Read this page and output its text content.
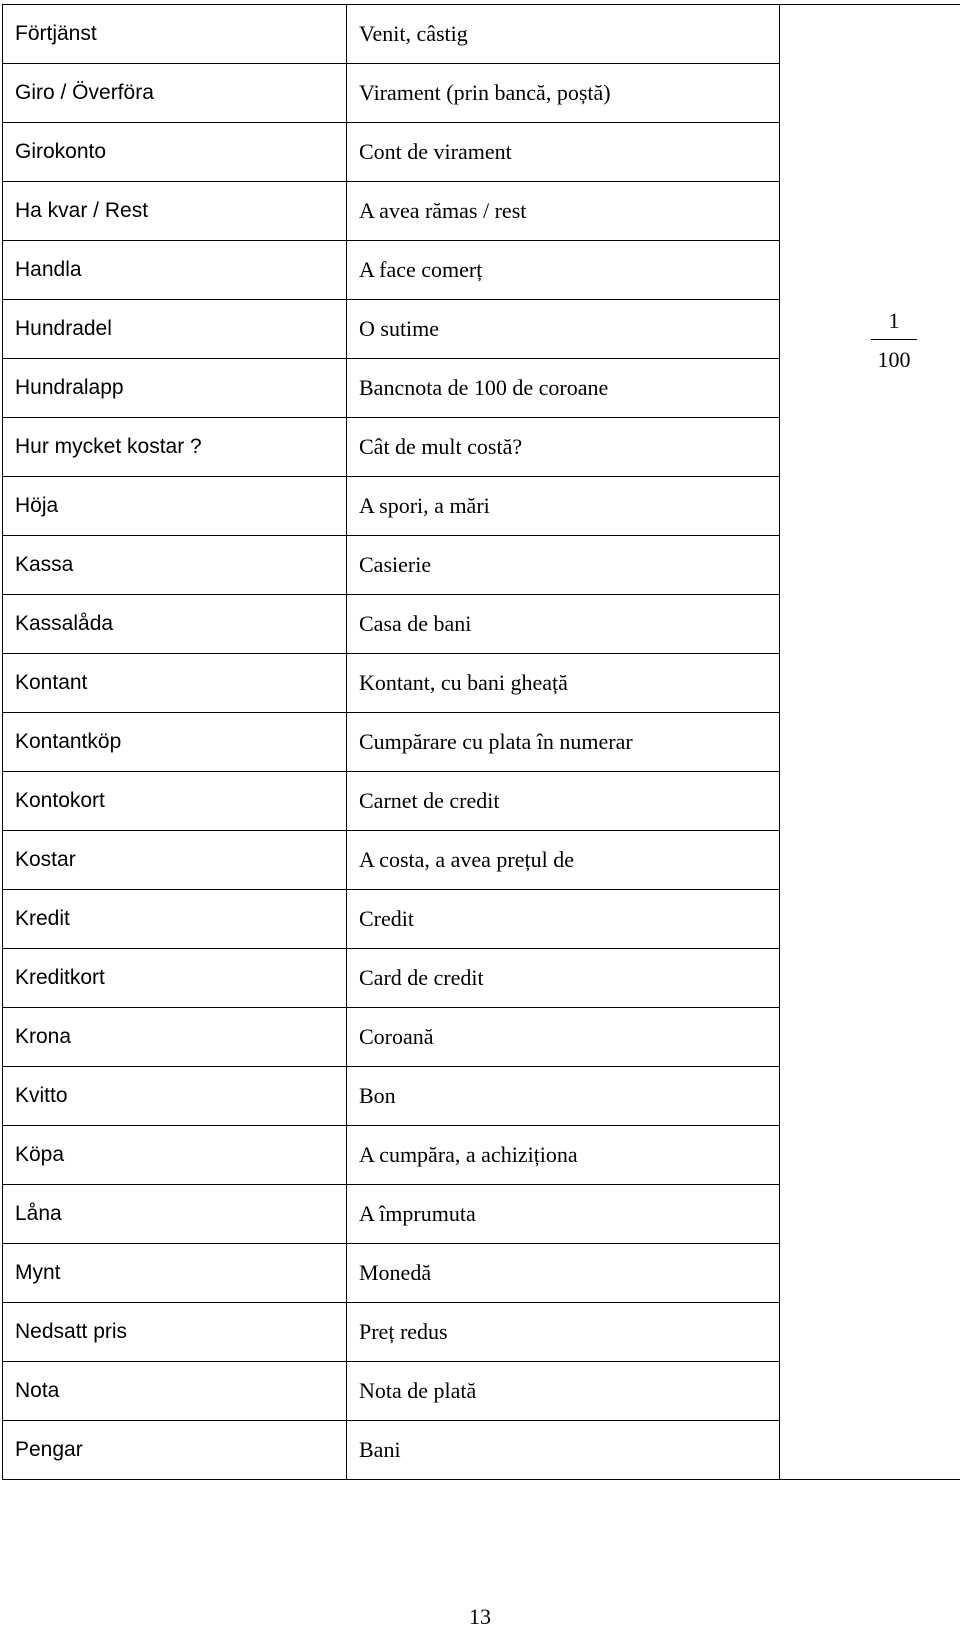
Förtjänst	Venit, câstig	1
100

Giro / Överföra	Virament (prin bancă, poștă)	
Girokonto	Cont de virament	
Ha kvar / Rest	A avea rămas / rest	
Handla	A face comerț	
Hundradel	O sutime	
Hundralapp	Bancnota de 100 de coroane	
Hur mycket kostar ?	Cât de mult costă?	
Höja	A spori, a mări	
Kassa	Casierie	
Kassalåda	Casa de bani	
Kontant	Kontant, cu bani gheață	
Kontantköp	Cumpărare cu plata în numerar	
Kontokort	Carnet de credit	
Kostar	A costa, a avea prețul de	
Kredit	Credit	
Kreditkort	Card de credit	
Krona	Coroană	
Kvitto	Bon	
Köpa	A cumpăra, a achiziționa	
Låna	A împrumuta	
Mynt	Monedă	
Nedsatt pris	Preț redus	
Nota	Nota de plată	
Pengar	Bani	
13
